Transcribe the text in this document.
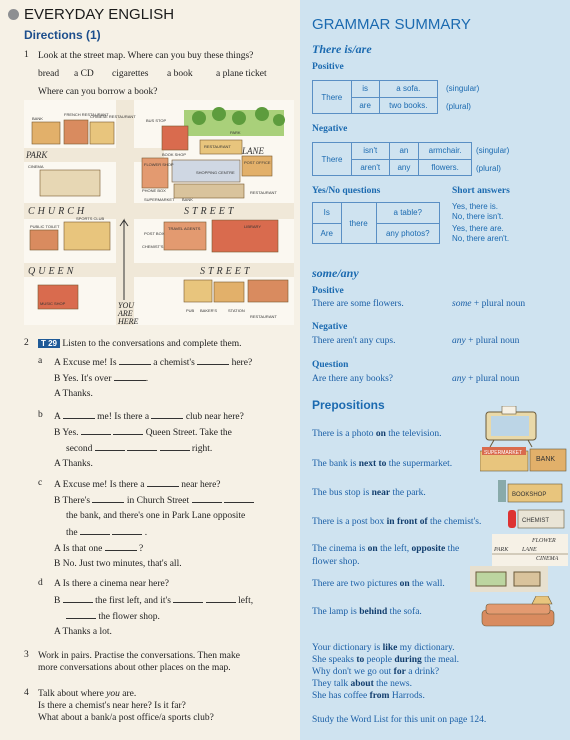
EVERYDAY ENGLISH
Directions (1)
1 Look at the street map. Where can you buy these things?
bread a CD cigarettes a book a plane ticket
Where can you borrow a book?
PARK	LANE
CHURCH	STREET
QUEEN	STREET
BANK
FRENCH RESTAURANT
CHINESE RESTAURANT
BUS STOP
BOOK SHOP
PARK
RESTAURANT
CINEMA
POST OFFICE
PHONE BOX
FLOWER SHOP
SHOPPING CENTRE
SUPERMARKET BANK
RESTAURANT
SPORTS CLUB
PUBLIC TOILET
POST BOX
CHEMIST'S
TRAVEL AGENTS	LIBRARY
MUSIC SHOP
PUB BAKER'S	STATION
RESTAURANT
YOU
ARE
HERE
2	T 29 Listen to the conversations and complete them.
a A Excuse me! Is	a chemist's	here?
B Yes. It's over	.
A Thanks.
b A	me! Is there a	club near here?
B Yes.	Queen Street. Take the
second	right.
A Thanks.
c A Excuse me! Is there a	near here?
B There's	in Church Street
the bank, and there's one in Park Lane opposite
the	.
A Is that one	?
B No. Just two minutes, that's all.
d A Is there a cinema near here?
B	the first left, and it's	left,
the flower shop.
A Thanks a lot.
3 Work in pairs. Practise the conversations. Then make
more conversations about other places on the map.
4 Talk about where you are.
Is there a chemist's near here? Is it far?
What about a bank/a post office/a sports club?
GRAMMAR SUMMARY
There is/are
Positive
There	is	a sofa.
	are	two books.
(singular)
(plural)
Negative
There	isn't	an	armchair.
	aren't	any	flowers.
(singular)
(plural)
Yes/No questions	Short answers
Is	there	a table?
Are		any photos?
Yes, there is.
No, there isn't.
Yes, there are.
No, there aren't.
some/any
Positive
There are some flowers.	some + plural noun
Negative
There aren't any cups.	any + plural noun
Question
Are there any books?	any + plural noun
Prepositions
There is a photo on the television.
The bank is next to the supermarket.
The bus stop is near the park.
There is a post box in front of the chemist's.
The cinema is on the left, opposite the
flower shop.
There are two pictures on the wall.
The lamp is behind the sofa.
SUPERMARKET
BANK
BOOKSHOP
CHEMIST
FLOWER
PARK LANE
CINEMA
Your dictionary is like my dictionary.
She speaks to people during the meal.
Why don't we go out for a drink?
They talk about the news.
She has coffee from Harrods.
Study the Word List for this unit on page 124.
